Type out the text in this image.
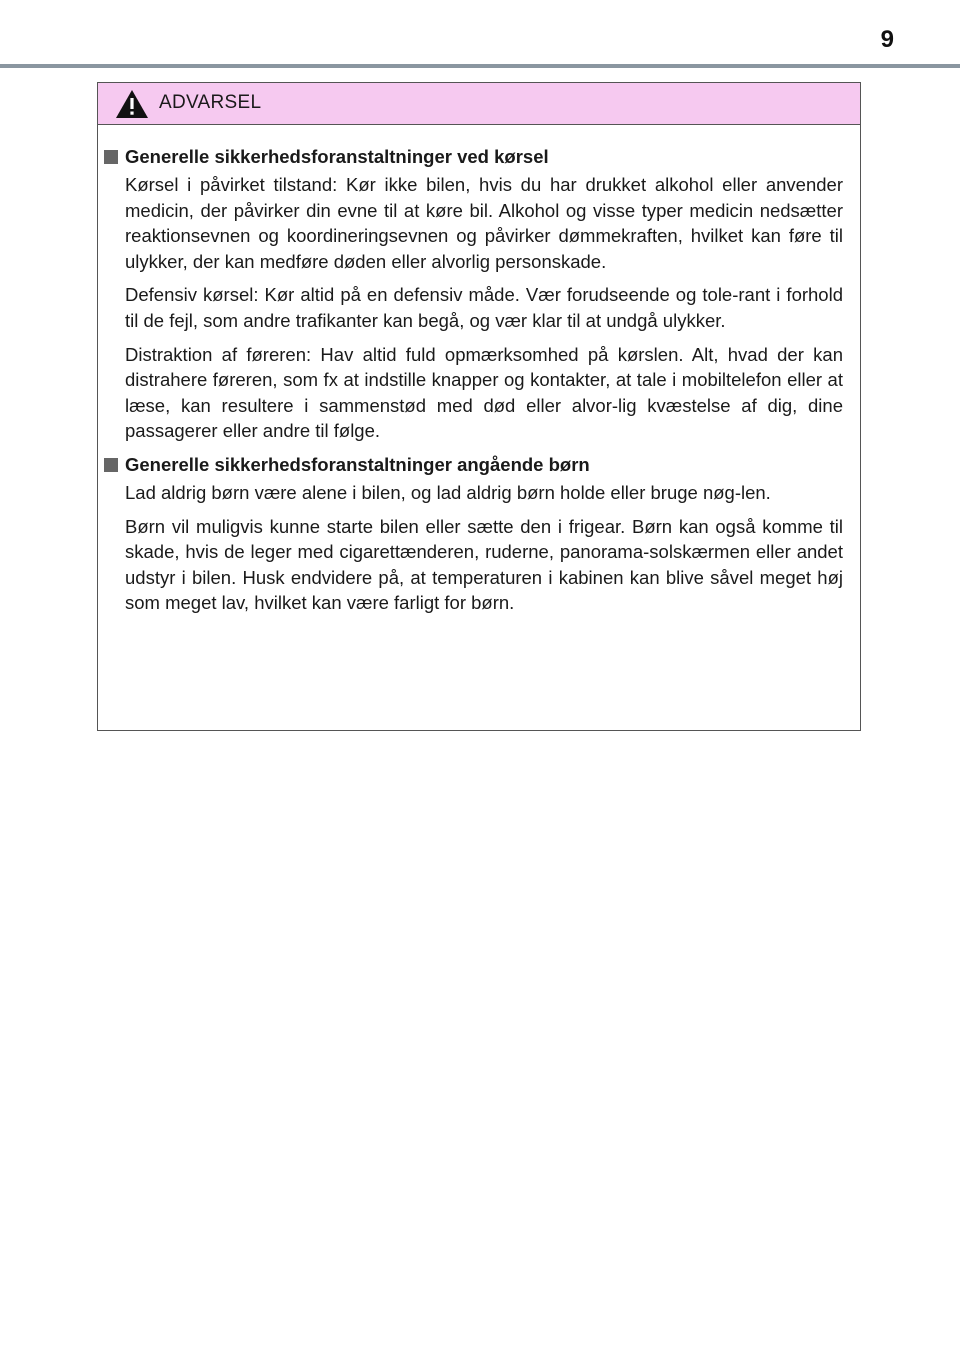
9
ADVARSEL
Generelle sikkerhedsforanstaltninger ved kørsel

Kørsel i påvirket tilstand: Kør ikke bilen, hvis du har drukket alkohol eller anvender medicin, der påvirker din evne til at køre bil. Alkohol og visse typer medicin nedsætter reaktionsevnen og koordineringsevnen og påvirker dømmekraften, hvilket kan føre til ulykker, der kan medføre døden eller alvorlig personskade.

Defensiv kørsel: Kør altid på en defensiv måde. Vær forudseende og tole-rant i forhold til de fejl, som andre trafikanter kan begå, og vær klar til at undgå ulykker.

Distraktion af føreren: Hav altid fuld opmærksomhed på kørslen. Alt, hvad der kan distrahere føreren, som fx at indstille knapper og kontakter, at tale i mobiltelefon eller at læse, kan resultere i sammenstød med død eller alvor-lig kvæstelse af dig, dine passagerer eller andre til følge.

Generelle sikkerhedsforanstaltninger angående børn

Lad aldrig børn være alene i bilen, og lad aldrig børn holde eller bruge nøg-len.

Børn vil muligvis kunne starte bilen eller sætte den i frigear. Børn kan også komme til skade, hvis de leger med cigarettænderen, ruderne, panorama-solskærmen eller andet udstyr i bilen. Husk endvidere på, at temperaturen i kabinen kan blive såvel meget høj som meget lav, hvilket kan være farligt for børn.
